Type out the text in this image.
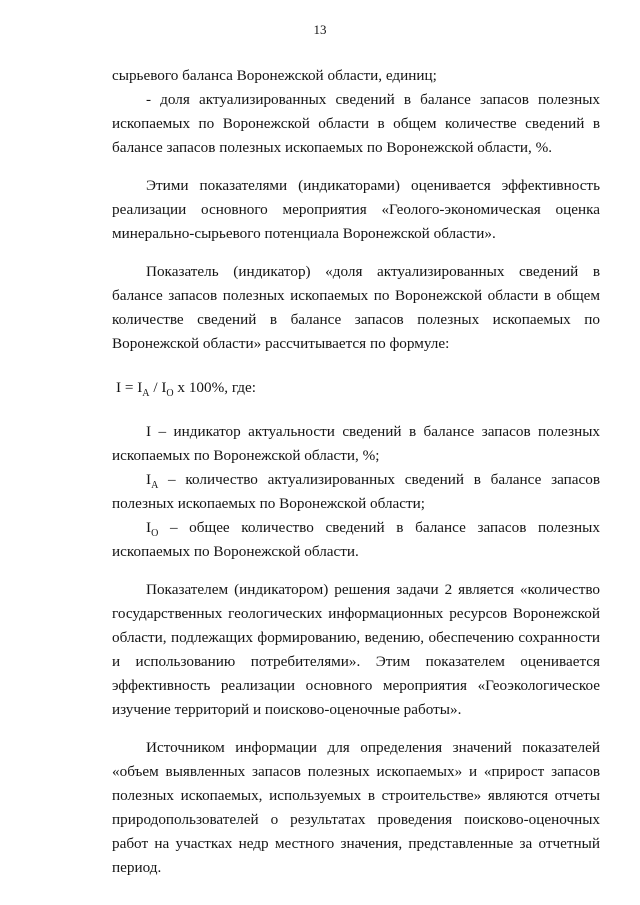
13

сырьевого баланса Воронежской области, единиц;

- доля актуализированных сведений в балансе запасов полезных ископаемых по Воронежской области в общем количестве сведений в балансе запасов полезных ископаемых по Воронежской области, %.

Этими показателями (индикаторами) оценивается эффективность реализации основного мероприятия «Геолого-экономическая оценка минерально-сырьевого потенциала Воронежской области».

Показатель (индикатор) «доля актуализированных сведений в балансе запасов полезных ископаемых по Воронежской области в общем количестве сведений в балансе запасов полезных ископаемых по Воронежской области» рассчитывается по формуле:

$I = I_А / I_О$ х 100%, где:

I – индикатор актуальности сведений в балансе запасов полезных ископаемых по Воронежской области, %;

$I_А$ – количество актуализированных сведений в балансе запасов полезных ископаемых по Воронежской области;

$I_О$ – общее количество сведений в балансе запасов полезных ископаемых по Воронежской области.

Показателем (индикатором) решения задачи 2 является «количество государственных геологических информационных ресурсов Воронежской области, подлежащих формированию, ведению, обеспечению сохранности и использованию потребителями». Этим показателем оценивается эффективность реализации основного мероприятия «Геоэкологическое изучение территорий и поисково-оценочные работы».

Источником информации для определения значений показателей «объем выявленных запасов полезных ископаемых» и «прирост запасов полезных ископаемых, используемых в строительстве» являются отчеты природопользователей о результатах проведения поисково-оценочных работ на участках недр местного значения, представленные за отчетный период.
